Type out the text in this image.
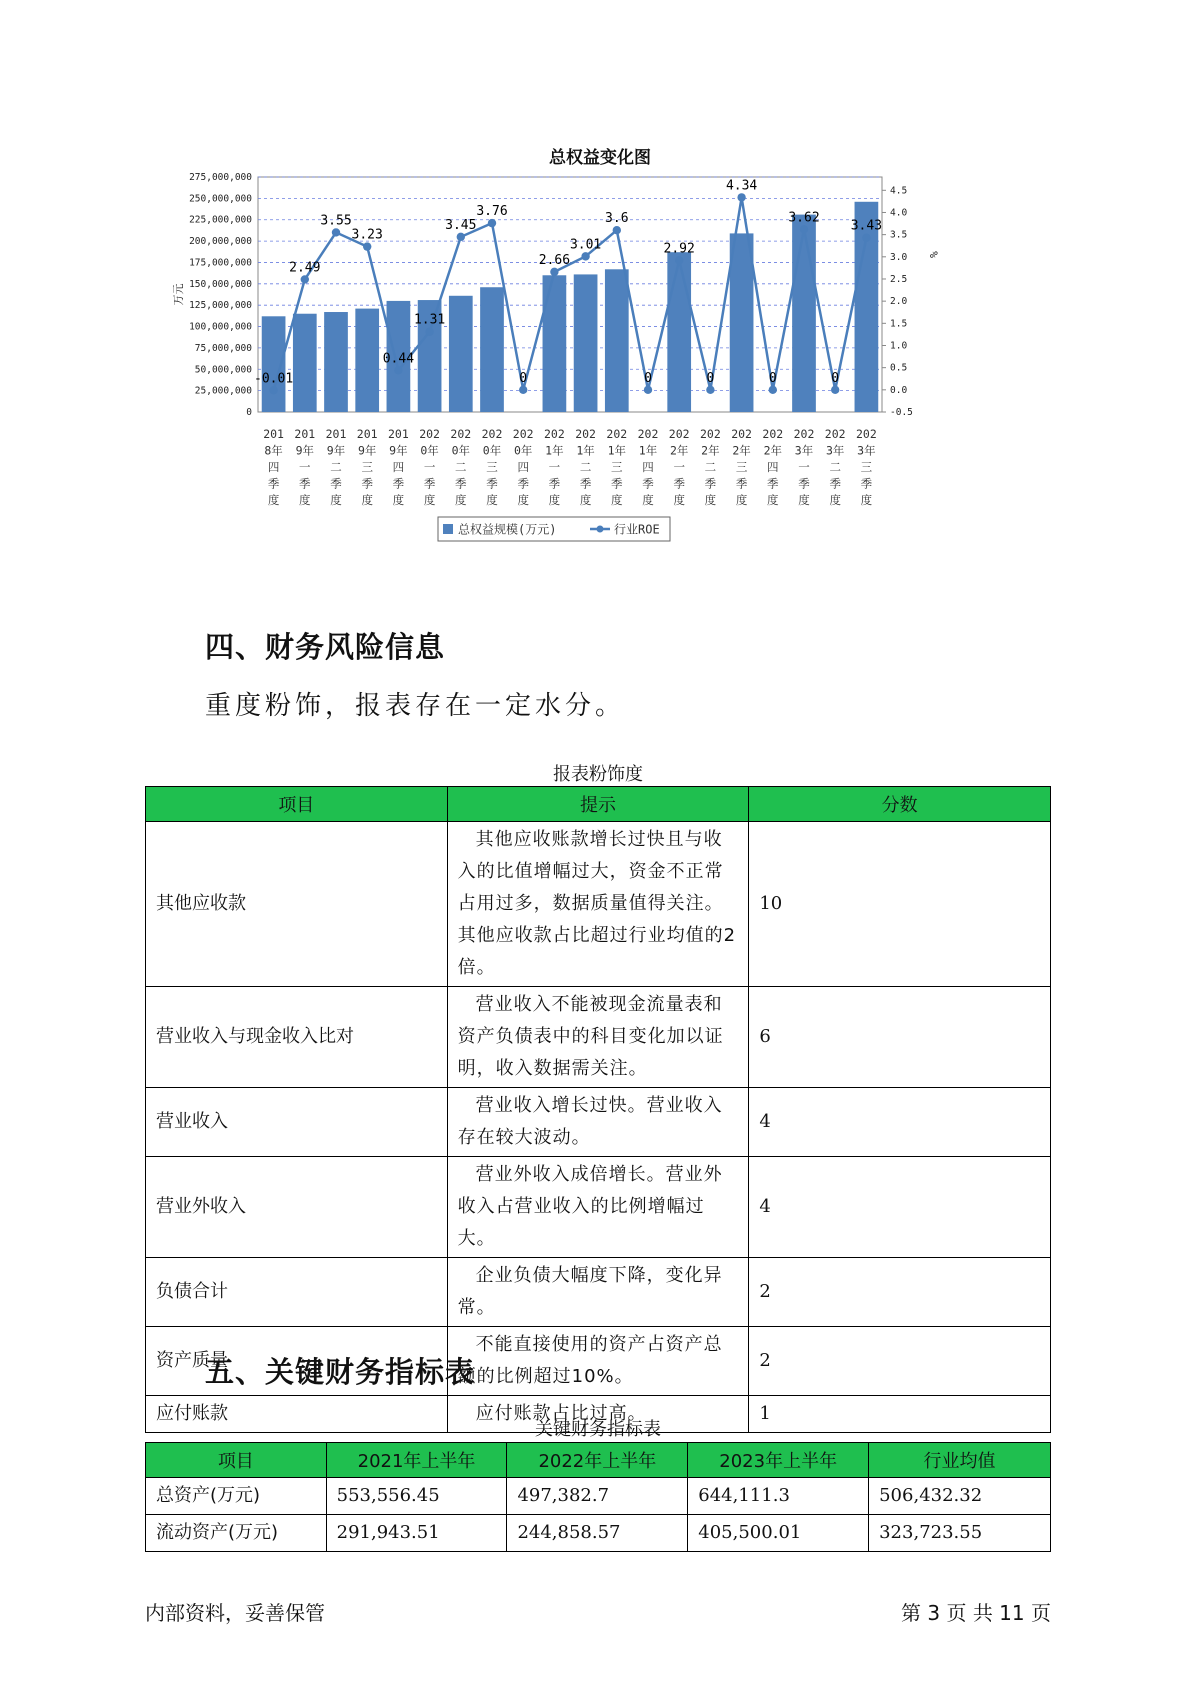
总权益变化图
275,000,000
250,000,000
225,000,000
200,000,000
175,000,000
150,000,000
125,000,000
100,000,000
75,000,000
50,000,000
25,000,000
0
4.5
4.0
3.5
3.0
2.5
2.0
1.5
1.0
0.5
0.0
-0.5
万元
%
-0.01
2.49
3.55
3.23
0.44
1.31
3.45
3.76
0
2.66
3.01
3.6
0
2.92
0
4.34
0
3.62
0
3.43
201 8年四季度
201 9年一季度
201 9年二季度
201 9年三季度
201 9年四季度
202 0年一季度
202 0年二季度
202 0年三季度
202 0年四季度
202 1年一季度
202 1年二季度
202 1年三季度
202 1年四季度
202 2年一季度
202 2年二季度
202 2年三季度
202 2年四季度
202 3年一季度
202 3年二季度
202 3年三季度
总权益规模(万元)	行业ROE
四、财务风险信息
重度粉饰，报表存在一定水分。
报表粉饰度
项目	提示	分数
其他应收款	其他应收账款增长过快且与收入的比值增幅过大，资金不正常占用过多，数据质量值得关注。其他应收款占比超过行业均值的2倍。	10
营业收入与现金收入比对	营业收入不能被现金流量表和资产负债表中的科目变化加以证明，收入数据需关注。	6
营业收入	营业收入增长过快。营业收入存在较大波动。	4
营业外收入	营业外收入成倍增长。营业外收入占营业收入的比例增幅过大。	4
负债合计	企业负债大幅度下降，变化异常。	2
资产质量	不能直接使用的资产占资产总额的比例超过10%。	2
应付账款	应付账款占比过高。	1
五、关键财务指标表
关键财务指标表
项目	2021年上半年	2022年上半年	2023年上半年	行业均值
总资产(万元)	553,556.45	497,382.7	644,111.3	506,432.32
流动资产(万元)	291,943.51	244,858.57	405,500.01	323,723.55
内部资料，妥善保管	第 3 页 共 11 页
